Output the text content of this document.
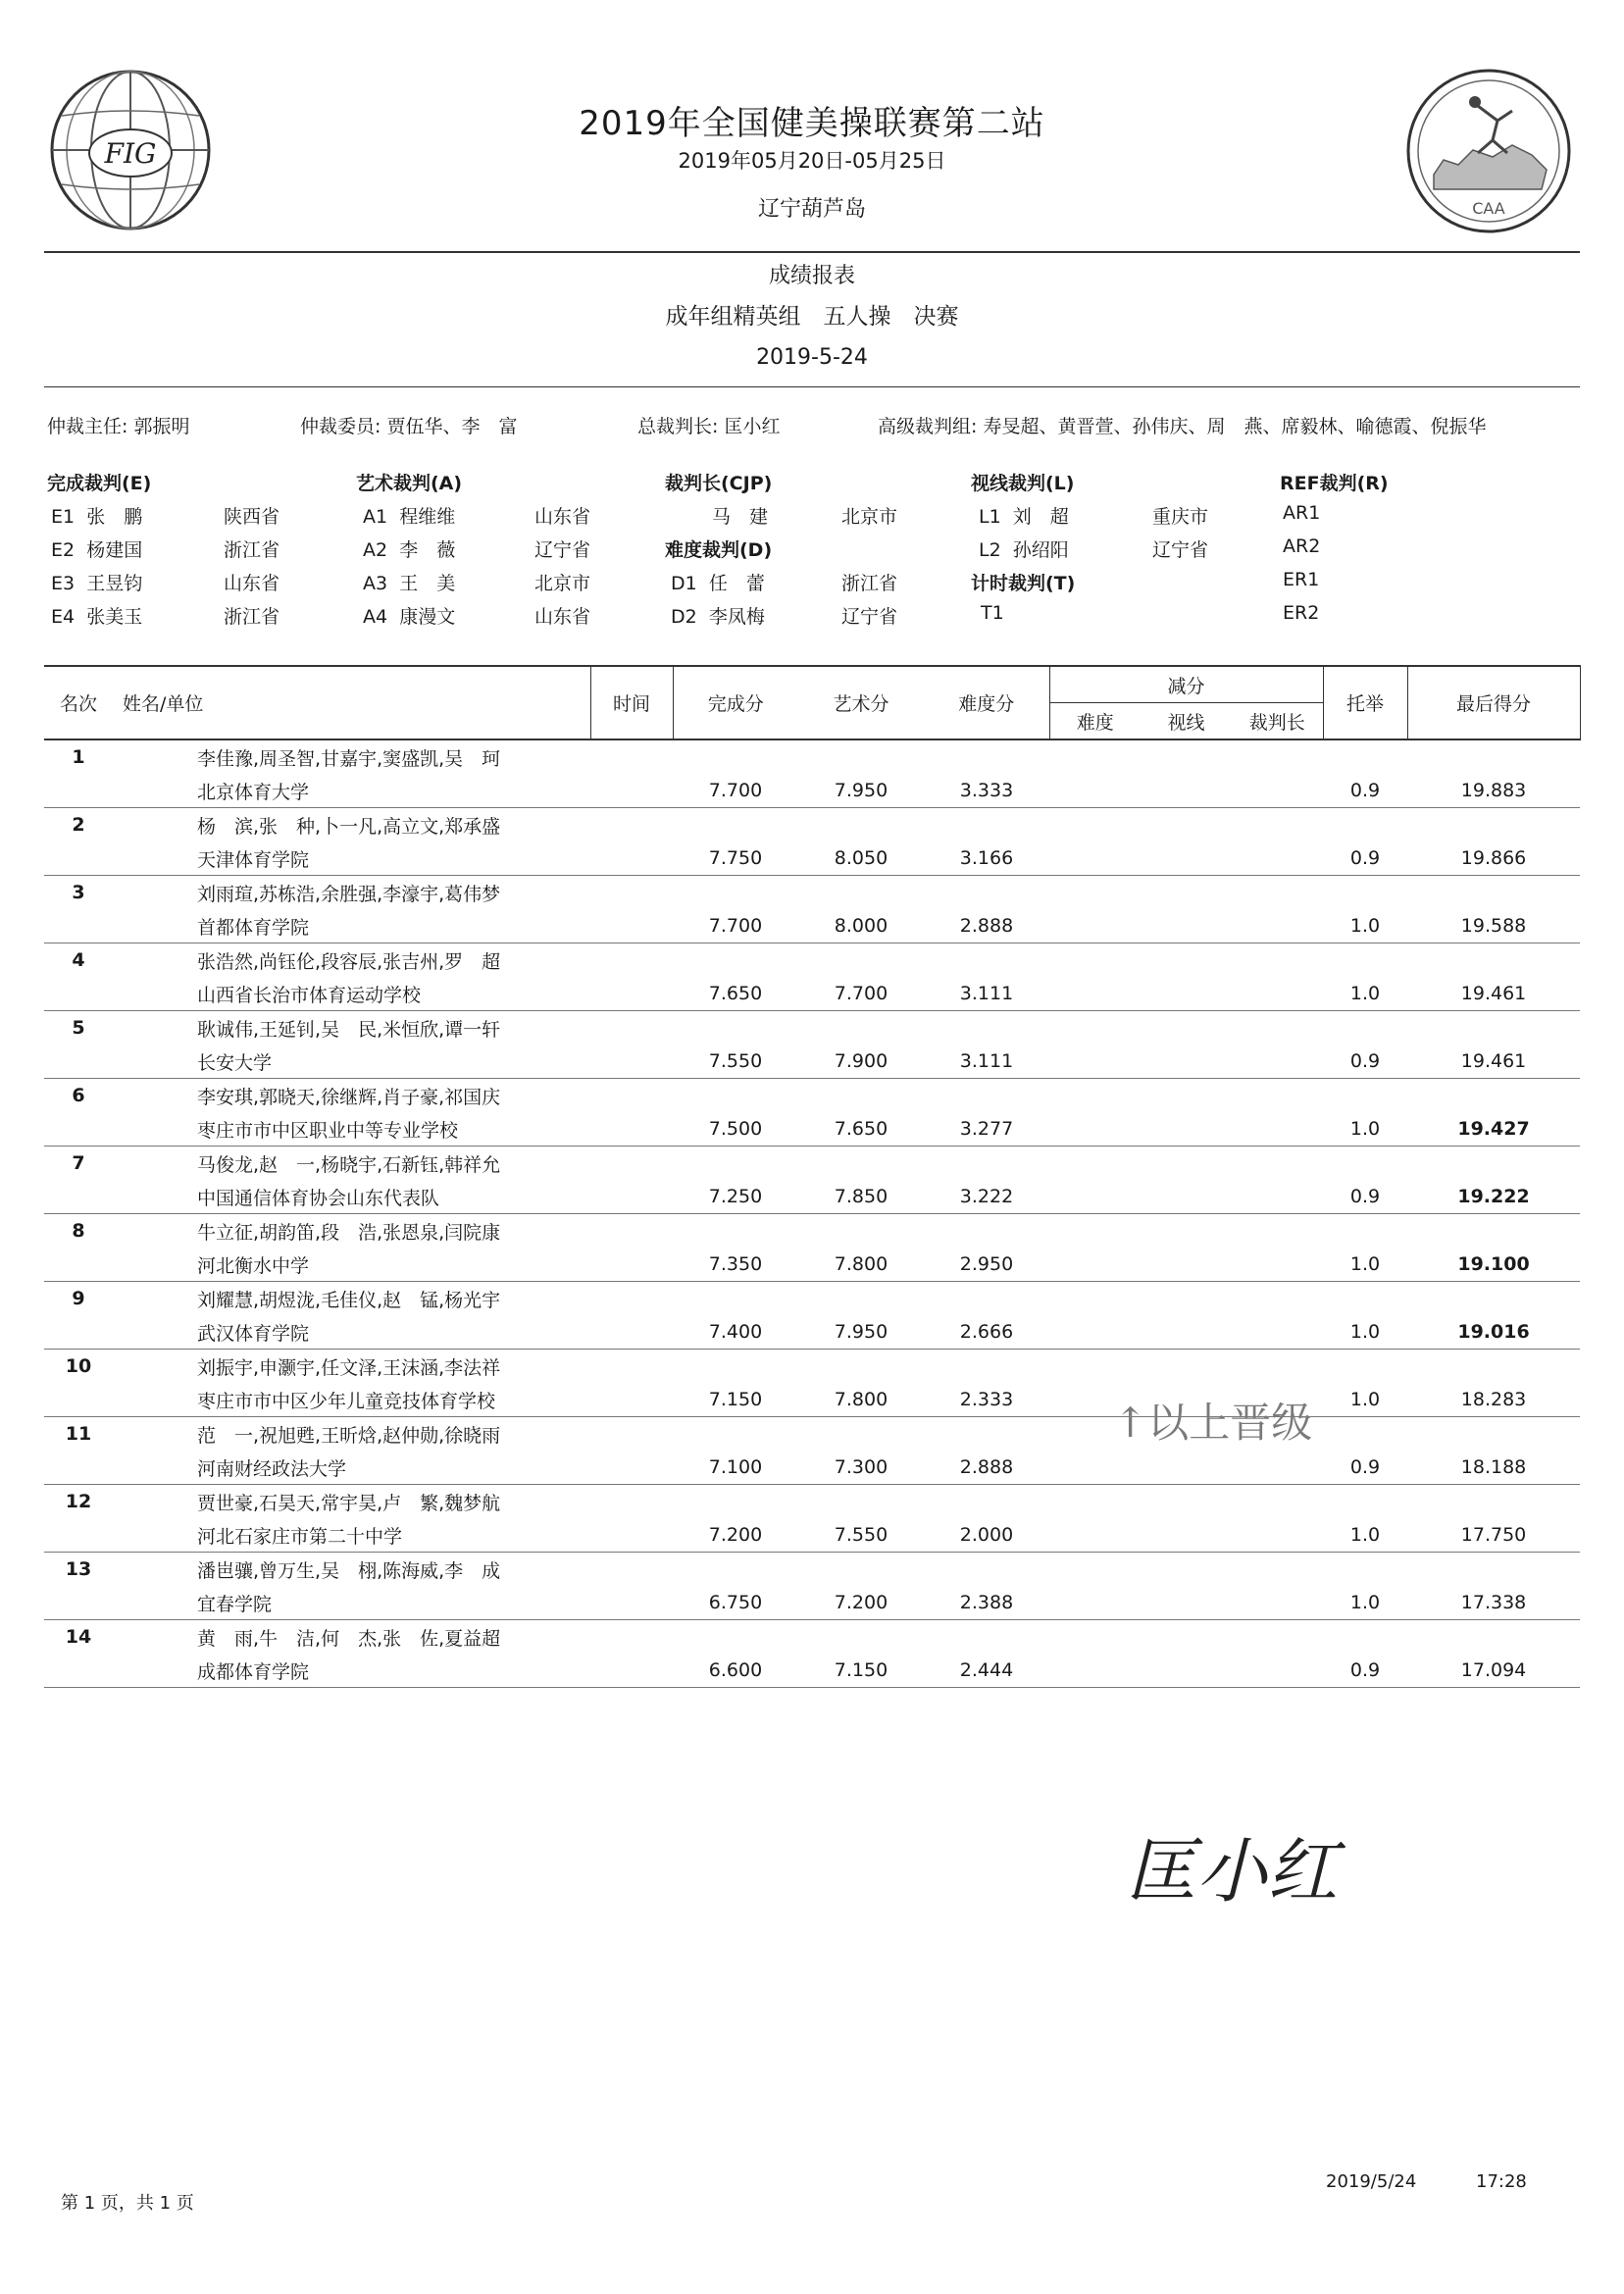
FIG
CAA
2019年全国健美操联赛第二站
2019年05月20日-05月25日
辽宁葫芦岛
成绩报表
成年组精英组　五人操　决赛
2019-5-24
仲裁主任: 郭振明	仲裁委员: 贾伍华、李　富	总裁判长: 匡小红	高级裁判组: 寿旻超、黄晋萱、孙伟庆、周　燕、席毅林、喻德霞、倪振华
完成裁判(E)	艺术裁判(A)	裁判长(CJP)	视线裁判(L)	REF裁判(R)
E1 张　鹏	陕西省
E2 杨建国	浙江省
E3 王昱钧	山东省
E4 张美玉	浙江省
A1 程维维	山东省
A2 李　薇	辽宁省
A3 王　美	北京市
A4 康漫文	山东省
马　建	北京市
难度裁判(D)
D1 任　蕾	浙江省
D2 李凤梅	辽宁省
L1 刘　超	重庆市
L2 孙绍阳	辽宁省
计时裁判(T)
T1
AR1
AR2
ER1
ER2
名次	姓名/单位	时间	完成分	艺术分	难度分	减分			托举	最后得分
						难度	视线	裁判长		
1	李佳豫,周圣智,甘嘉宇,窦盛凯,吴　珂									
	北京体育大学		7.700	7.950	3.333				0.9	19.883
2	杨　滨,张　种,卜一凡,高立文,郑承盛									
	天津体育学院		7.750	8.050	3.166				0.9	19.866
3	刘雨瑄,苏栋浩,余胜强,李濠宇,葛伟梦									
	首都体育学院		7.700	8.000	2.888				1.0	19.588
4	张浩然,尚钰伦,段容辰,张吉州,罗　超									
	山西省长治市体育运动学校		7.650	7.700	3.111				1.0	19.461
5	耿诚伟,王延钊,吴　民,米恒欣,谭一轩									
	长安大学		7.550	7.900	3.111				0.9	19.461
6	李安琪,郭晓天,徐继辉,肖子豪,祁国庆									
	枣庄市市中区职业中等专业学校		7.500	7.650	3.277				1.0	19.427
7	马俊龙,赵　一,杨晓宇,石新钰,韩祥允									
	中国通信体育协会山东代表队		7.250	7.850	3.222				0.9	19.222
8	牛立征,胡韵笛,段　浩,张恩泉,闫院康									
	河北衡水中学		7.350	7.800	2.950				1.0	19.100
9	刘耀慧,胡煜泷,毛佳仪,赵　锰,杨光宇									
	武汉体育学院		7.400	7.950	2.666				1.0	19.016
10	刘振宇,申灏宇,任文泽,王沫涵,李法祥									
	枣庄市市中区少年儿童竞技体育学校		7.150	7.800	2.333				1.0	18.283
11	范　一,祝旭甦,王昕焓,赵仲勋,徐晓雨									
	河南财经政法大学		7.100	7.300	2.888				0.9	18.188
12	贾世豪,石昊天,常宇昊,卢　繁,魏梦航									
	河北石家庄市第二十中学		7.200	7.550	2.000				1.0	17.750
13	潘岜骧,曾万生,吴　栩,陈海威,李　成									
	宜春学院		6.750	7.200	2.388				1.0	17.338
14	黄　雨,牛　洁,何　杰,张　佐,夏益超									
	成都体育学院		6.600	7.150	2.444				0.9	17.094
↑以上晋级
匡小红
第 1 页，共 1 页
2019/5/24	17:28
